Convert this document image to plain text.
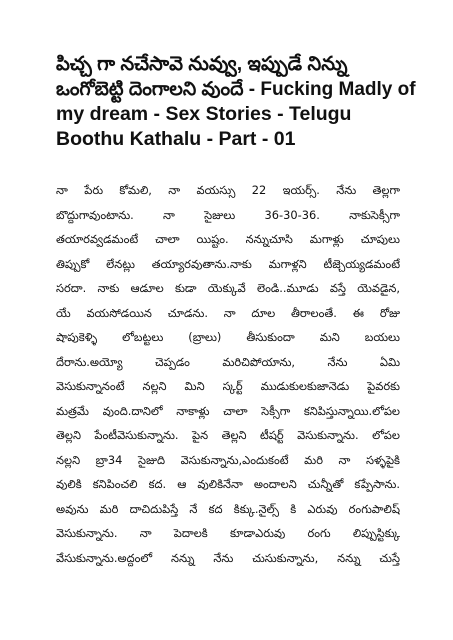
పిచ్చ గా నచేసావె నువ్వు, ఇప్పుడే నిన్ను
ఒంగోబెట్టి దెంగాలని వుందే - Fucking Madly of
my dream - Sex Stories - Telugu
Boothu Kathalu - Part - 01
నా పేరు కోమలి, నా వయస్సు 22 ఇయర్స్. నేను తెల్లగా
బొద్దుగావుంటాను. నా సైజులు 36-30-36. నాకుసెక్సీగా
తయారవ్వడమంటే చాలా యిష్టం. నన్నుచూసి మగాళ్లు చూపులు
తిప్పుకో లేనట్లు తయ్యారవుతాను.నాకు మగాళ్లని టీజ్చెయ్యడమంటే
సరదా. నాకు ఆడూల కుడా యెక్కువే లెండి..మూడు వస్తే యెవడైన,
యే వయసోడయిన చూడను. నా దూల తీరాలంతే. ఈ రోజు
షాపుకెళ్ళి లోబట్టలు (బ్రాలు) తీసుకుందా మని బయలు
దేరాను.అయ్యో చెప్పడం మరిచిపోయాను, నేను ఏమి
వెసుకున్నానంటే నల్లని మిని స్కర్ట్ ముడుకులకుజానెడు పైవరకు
మత్రమే వుంది.దానిలో నాకాళ్లు చాలా సెక్సీగా కనిపిస్తున్నాయి.లోపల
తెల్లని పేంటీవెసుకున్నాను. పైన తెల్లని టీషర్ట్ వెసుకున్నాను. లోపల
నల్లని బ్రా34 సైజుది వెసుకున్నాను,ఎందుకంటే మరి నా సళ్ళపైకి
వులికి కనిపించలి కద. ఆ వులికినేనా అందాలని చున్నీతో కప్పేసాను.
అవును మరి దాచిదుపిస్తే నే కద కిక్కు.నైల్స్ కి ఎరువు రంగుపాలిష్
వెసుకున్నాను. నా పెదాలకి కూడాఎరువు రంగు లిప్పుస్టిక్కు
వేసుకున్నాను.అద్దంలో నన్ను నేను చుసుకున్నాను, నన్ను చుస్తే
